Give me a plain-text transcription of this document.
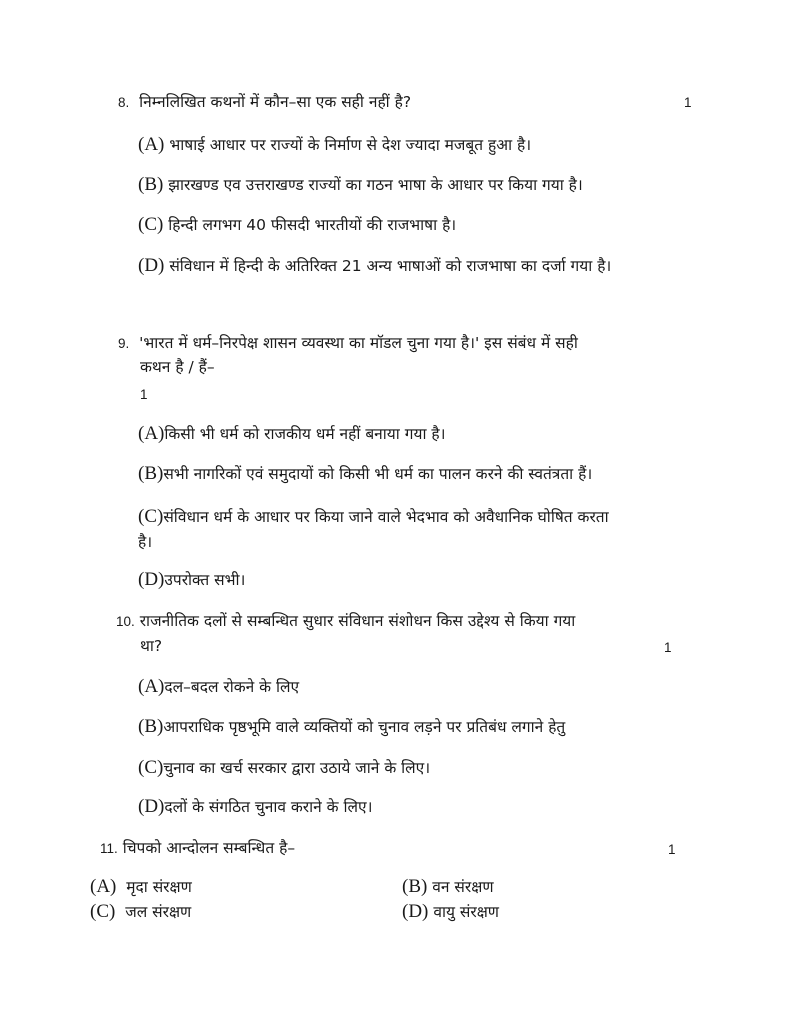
8. निम्नलिखित कथनों में कौन–सा एक सही नहीं है?	1
(A) भाषाई आधार पर राज्यों के निर्माण से देश ज्यादा मजबूत हुआ है।
(B) झारखण्ड एव उत्तराखण्ड राज्यों का गठन भाषा के आधार पर किया गया है।
(C) हिन्दी लगभग 40 फीसदी भारतीयों की राजभाषा है।
(D) संविधान में हिन्दी के अतिरिक्त 21 अन्य भाषाओं को राजभाषा का दर्जा गया है।
9. 'भारत में धर्म–निरपेक्ष शासन व्यवस्था का मॉडल चुना गया है।' इस संबंध में सही
कथन है / हैं–
1
(A)किसी भी धर्म को राजकीय धर्म नहीं बनाया गया है।
(B)सभी नागरिकों एवं समुदायों को किसी भी धर्म का पालन करने की स्वतंत्रता हैं।
(C)संविधान धर्म के आधार पर किया जाने वाले भेदभाव को अवैधानिक घोषित करता
है।
(D)उपरोक्त सभी।
10. राजनीतिक दलों से सम्बन्धित सुधार संविधान संशोधन किस उद्देश्य से किया गया
था?	1
(A)दल–बदल रोकने के लिए
(B)आपराधिक पृष्ठभूमि वाले व्यक्तियों को चुनाव लड़ने पर प्रतिबंध लगाने हेतु
(C)चुनाव का खर्च सरकार द्वारा उठाये जाने के लिए।
(D)दलों के संगठित चुनाव कराने के लिए।
11. चिपको आन्दोलन सम्बन्धित है–	1
(A) मृदा संरक्षण	(B) वन संरक्षण
(C) जल संरक्षण	(D) वायु संरक्षण
